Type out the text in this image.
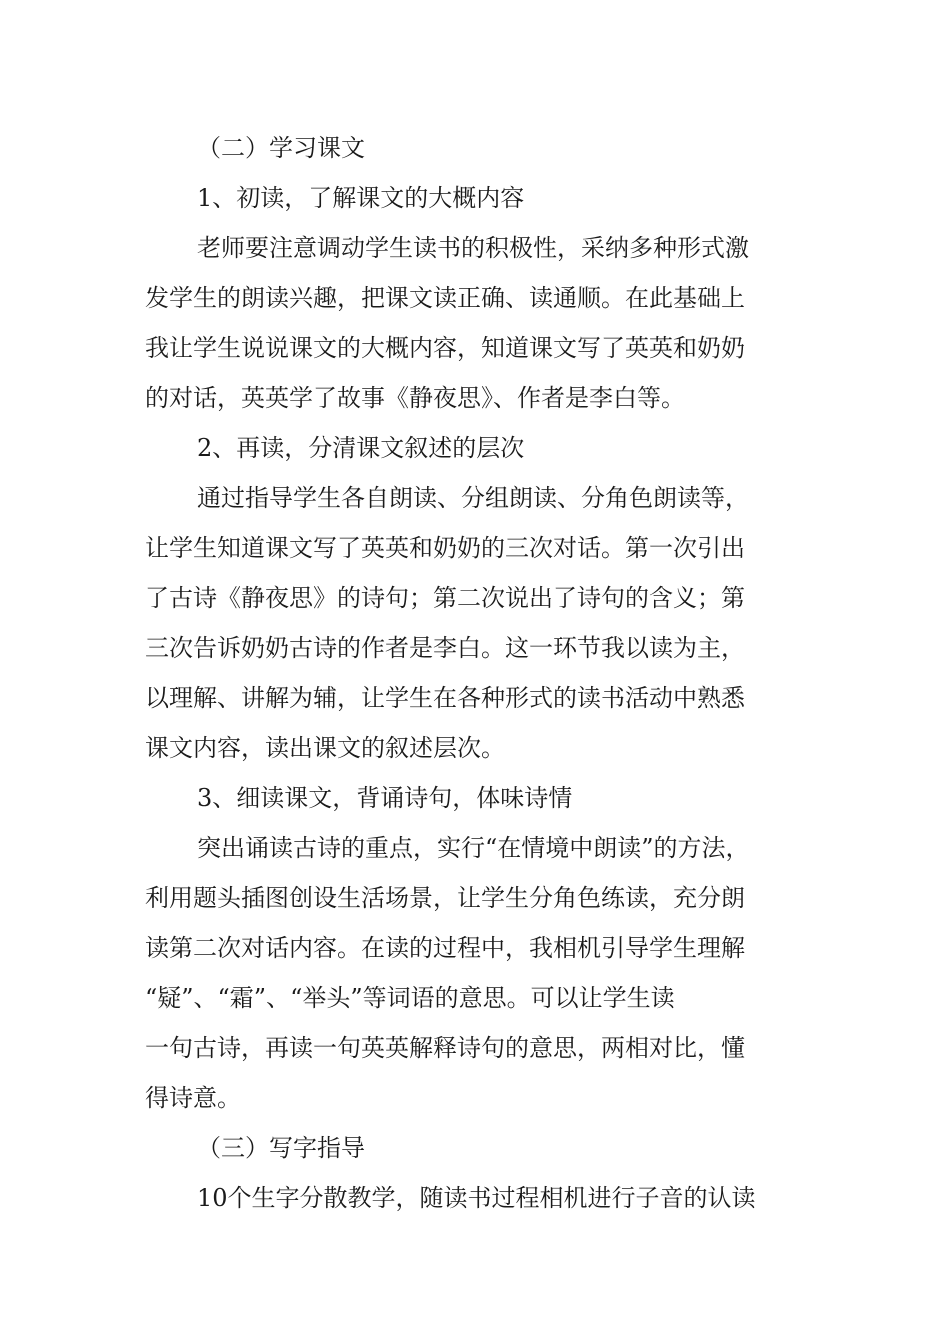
（二）学习课文
1、初读，了解课文的大概内容
老师要注意调动学生读书的积极性，采纳多种形式激
发学生的朗读兴趣，把课文读正确、读通顺。在此基础上
我让学生说说课文的大概内容，知道课文写了英英和奶奶
的对话，英英学了故事《静夜思》、作者是李白等。
2、再读，分清课文叙述的层次
通过指导学生各自朗读、分组朗读、分角色朗读等，
让学生知道课文写了英英和奶奶的三次对话。第一次引出
了古诗《静夜思》的诗句；第二次说出了诗句的含义；第
三次告诉奶奶古诗的作者是李白。这一环节我以读为主，
以理解、讲解为辅，让学生在各种形式的读书活动中熟悉
课文内容，读出课文的叙述层次。
3、细读课文，背诵诗句，体味诗情
突出诵读古诗的重点，实行“在情境中朗读”的方法，
利用题头插图创设生活场景，让学生分角色练读，充分朗
读第二次对话内容。在读的过程中，我相机引导学生理解
“疑”、“霜”、“举头”等词语的意思。可以让学生读
一句古诗，再读一句英英解释诗句的意思，两相对比，懂
得诗意。
（三）写字指导
10个生字分散教学，随读书过程相机进行子音的认读
